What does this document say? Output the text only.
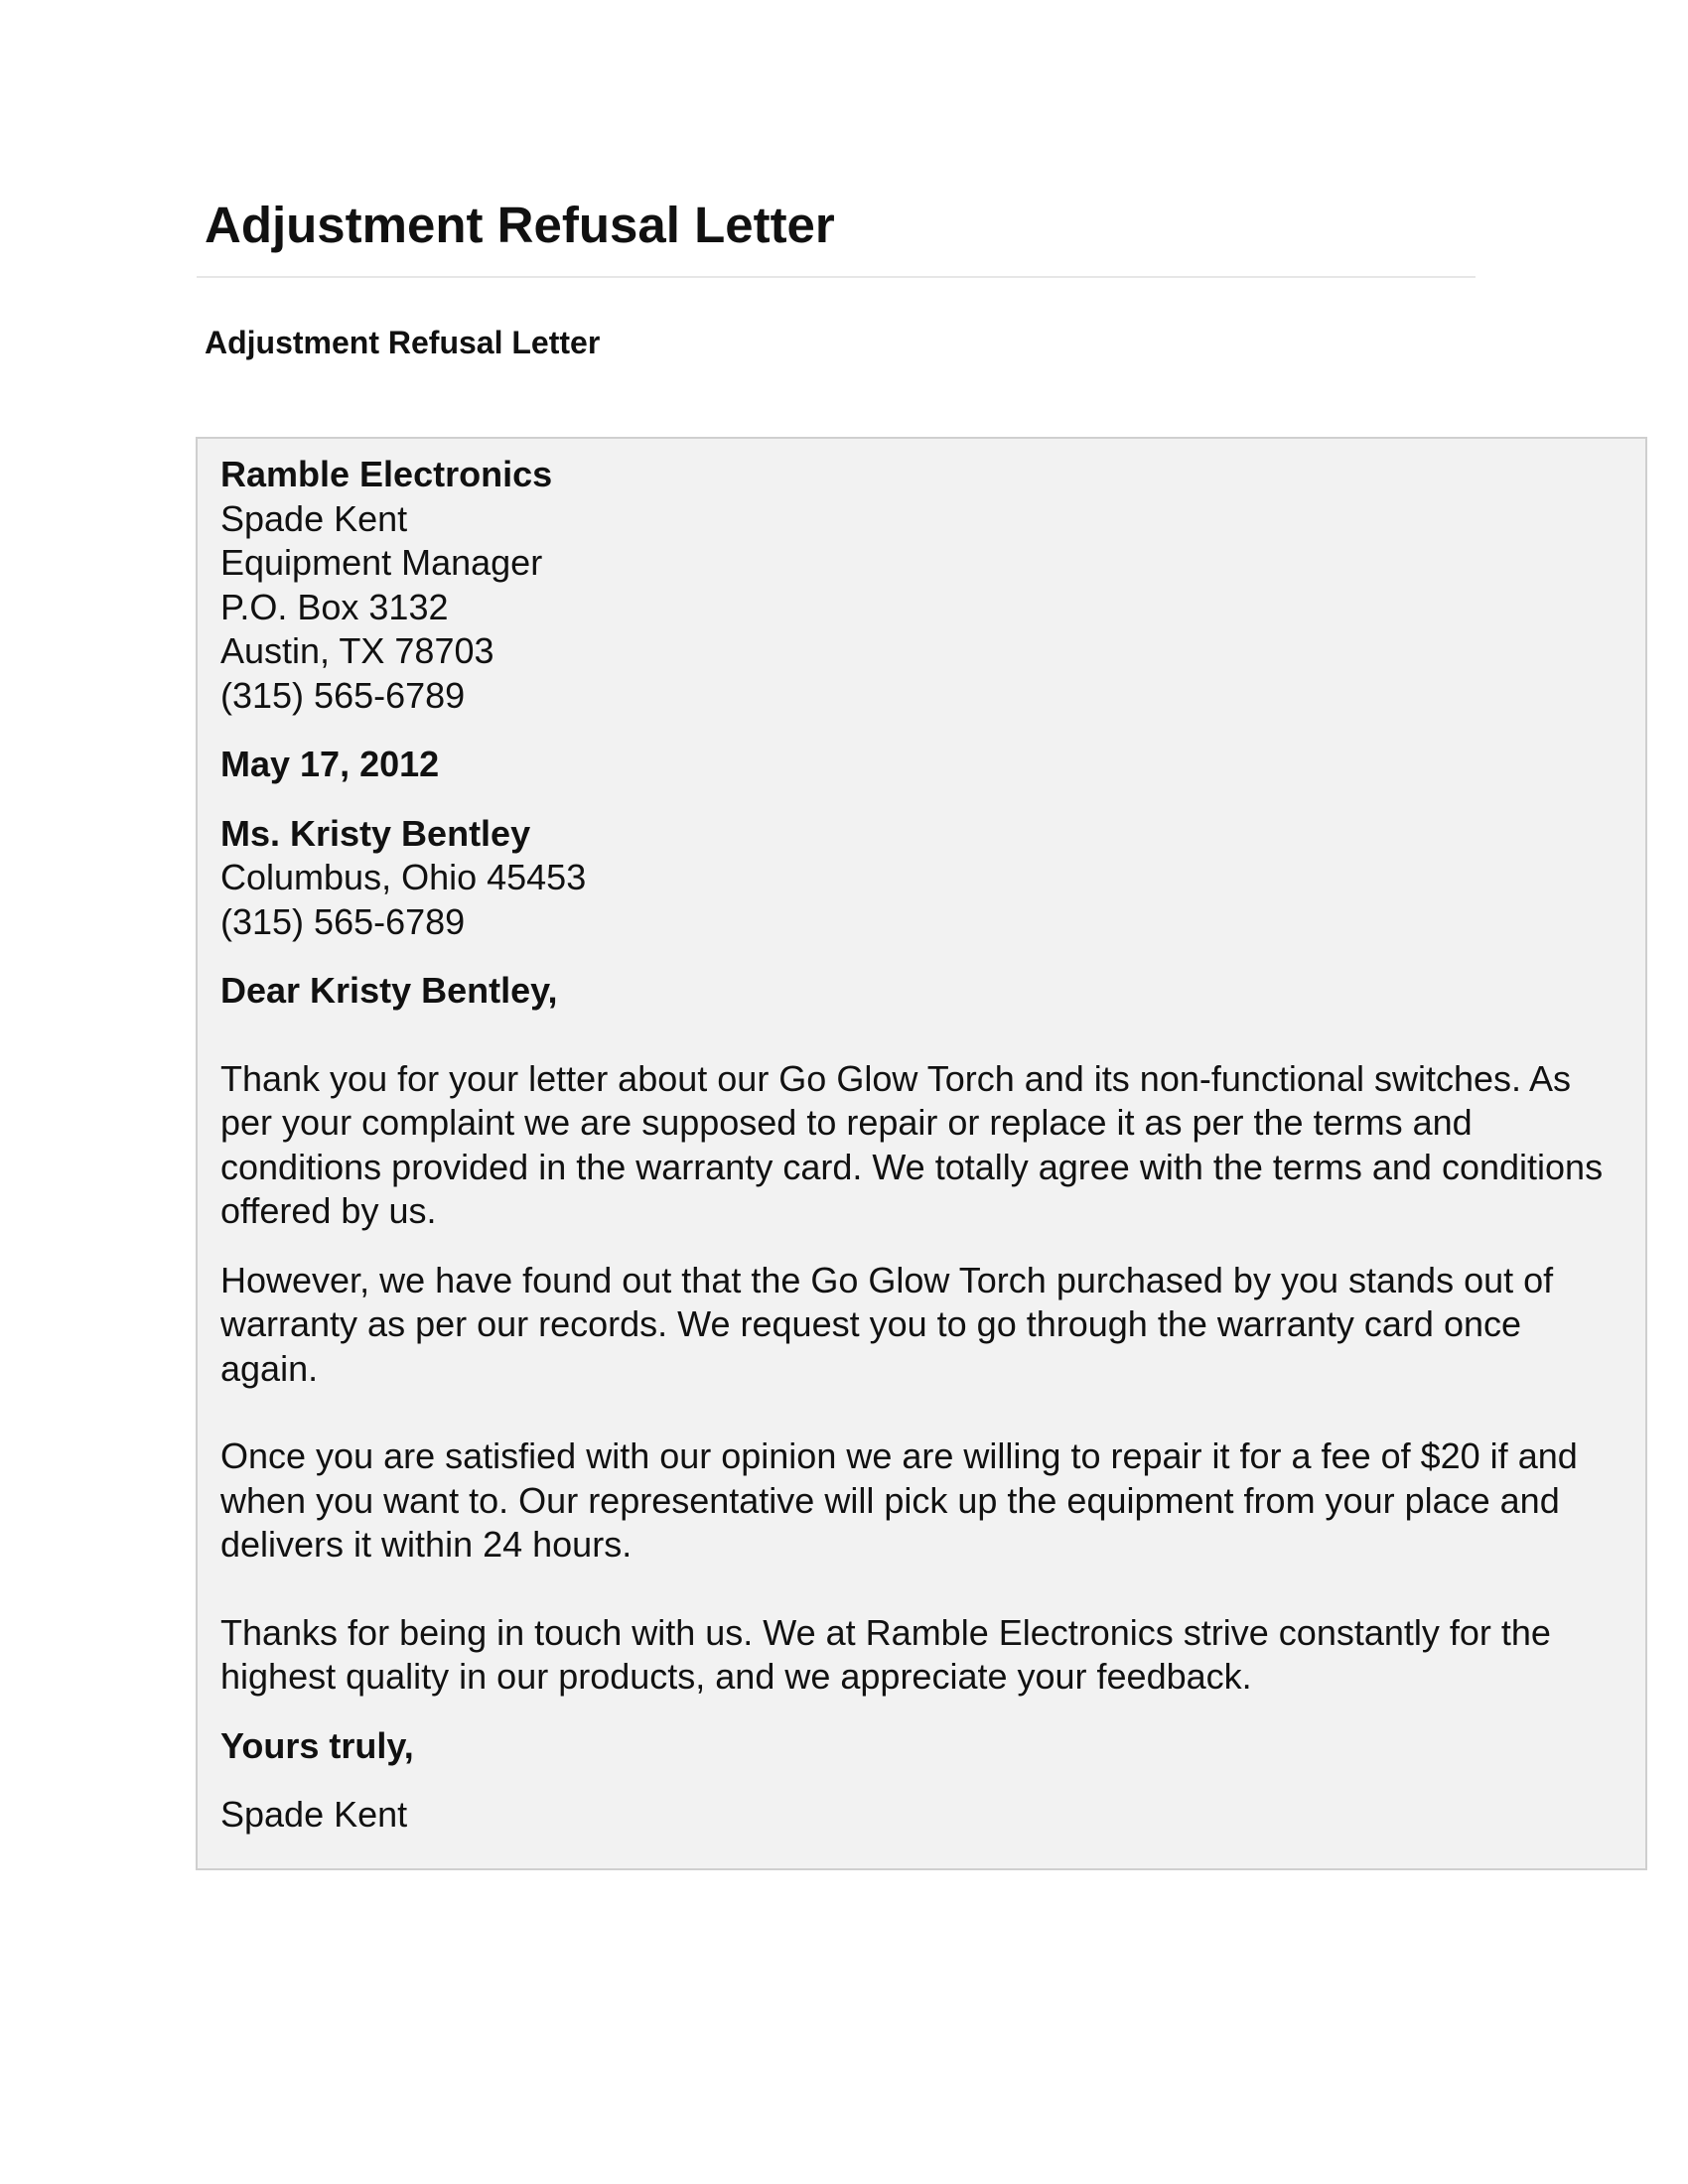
Adjustment Refusal Letter
Adjustment Refusal Letter
Ramble Electronics
Spade Kent
Equipment Manager
P.O. Box 3132
Austin, TX 78703
(315) 565-6789
May 17, 2012
Ms. Kristy Bentley
Columbus, Ohio 45453
(315) 565-6789
Dear Kristy Bentley,

Thank you for your letter about our Go Glow Torch and its non-functional switches. As per your complaint we are supposed to repair or replace it as per the terms and conditions provided in the warranty card. We totally agree with the terms and conditions offered by us.

However, we have found out that the Go Glow Torch purchased by you stands out of warranty as per our records. We request you to go through the warranty card once again.

Once you are satisfied with our opinion we are willing to repair it for a fee of $20 if and when you want to. Our representative will pick up the equipment from your place and delivers it within 24 hours.

Thanks for being in touch with us. We at Ramble Electronics strive constantly for the highest quality in our products, and we appreciate your feedback.

Yours truly,
Spade Kent
